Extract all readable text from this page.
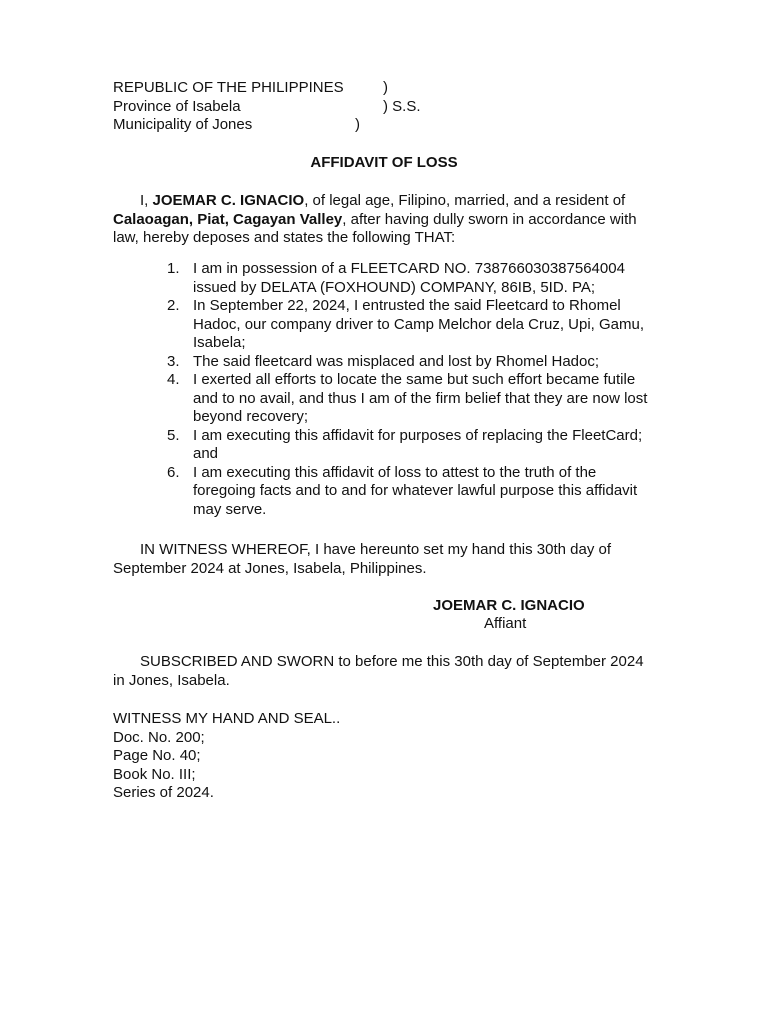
REPUBLIC OF THE PHILIPPINES	)
Province of Isabela	) S.S.
Municipality of Jones	)
AFFIDAVIT OF LOSS
I, JOEMAR C. IGNACIO, of legal age, Filipino, married, and a resident of Calaoagan, Piat, Cagayan Valley, after having dully sworn in accordance with law, hereby deposes and states the following THAT:
1. I am in possession of a FLEETCARD NO. 738766030387564004 issued by DELATA (FOXHOUND) COMPANY, 86IB, 5ID. PA;
2. In September 22, 2024, I entrusted the said Fleetcard to Rhomel Hadoc, our company driver to Camp Melchor dela Cruz, Upi, Gamu, Isabela;
3. The said fleetcard was misplaced and lost by Rhomel Hadoc;
4. I exerted all efforts to locate the same but such effort became futile and to no avail, and thus I am of the firm belief that they are now lost beyond recovery;
5. I am executing this affidavit for purposes of replacing the FleetCard; and
6. I am executing this affidavit of loss to attest to the truth of the foregoing facts and to and for whatever lawful purpose this affidavit may serve.
IN WITNESS WHEREOF, I have hereunto set my hand this 30th day of September 2024 at Jones, Isabela, Philippines.
JOEMAR C. IGNACIO
Affiant
SUBSCRIBED AND SWORN to before me this 30th day of September 2024 in Jones, Isabela.
WITNESS MY HAND AND SEAL..
Doc. No. 200;
Page No. 40;
Book No. III;
Series of 2024.
